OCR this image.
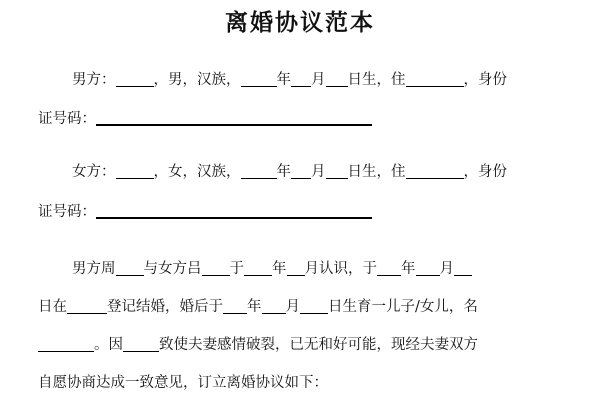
离婚协议范本
男方：	，男，汉族， 年 月 日生，住	，身份
证号码：
女方：	，女，汉族， 年 月 日生，住	，身份
证号码：
男方周 与女方吕 于 年 月认识，于 年 月
日在	登记结婚，婚后于 年 月 日生育一儿子/女儿，名
。因 致使夫妻感情破裂，已无和好可能，现经夫妻双方
自愿协商达成一致意见，订立离婚协议如下：
